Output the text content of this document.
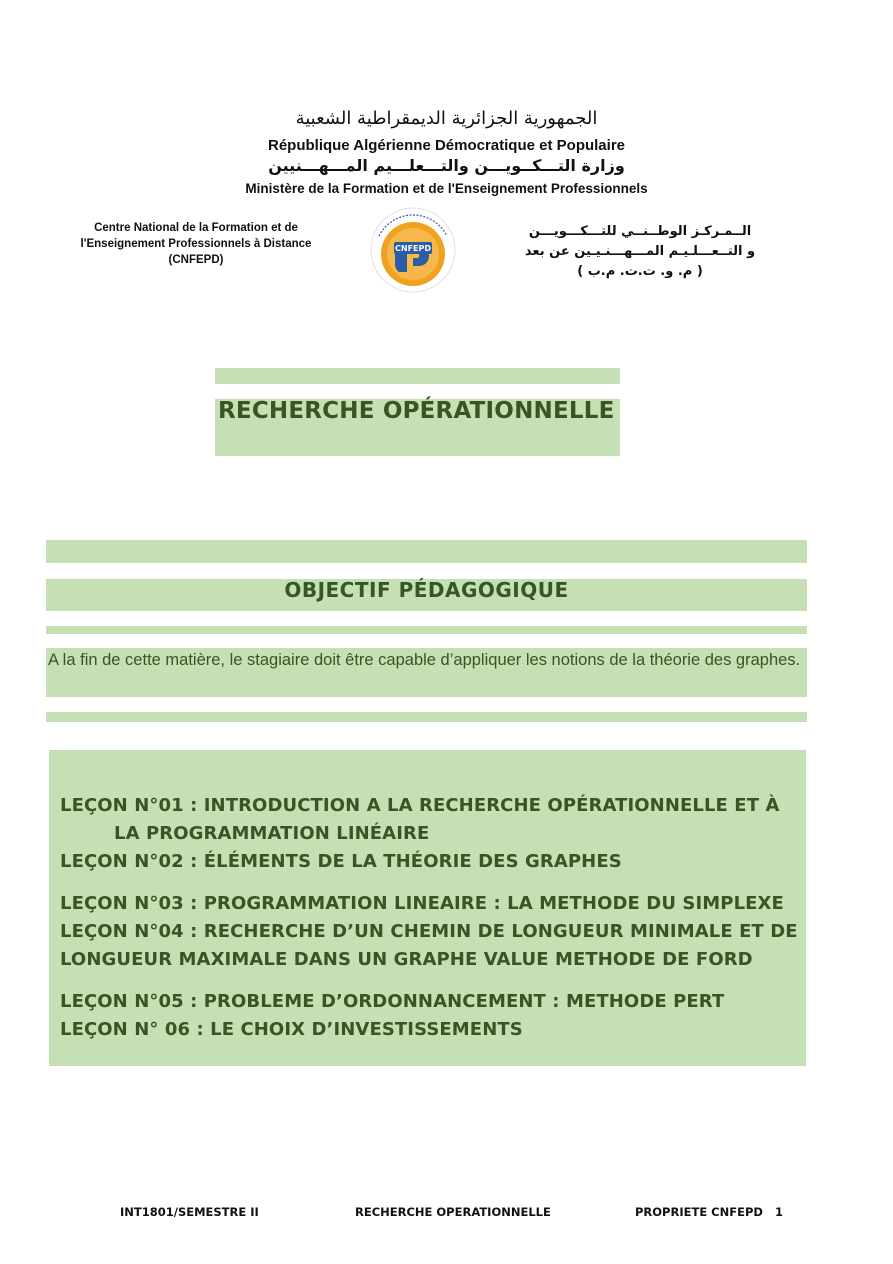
الجمهورية الجزائرية الديمقراطية الشعبية
République Algérienne Démocratique et Populaire
وزارة التـــكــويـــن والتـــعلـــيم المـــهـــنيين
Ministère de la Formation et de l'Enseignement Professionnels
Centre National de la Formation et de
l'Enseignement Professionnels à Distance
(CNFEPD)
CNFEPD
الــمـركـز الوطــنــي للتـــكـــويـــن
و التــعـــلـيـم المـــهـــنـيـين عن بعد
( م. و. ت.ت. م.ب )
RECHERCHE OPÉRATIONNELLE
OBJECTIF PÉDAGOGIQUE
A la fin de cette matière, le stagiaire doit être capable d’appliquer les notions de la théorie des graphes.
LEÇON N°01 : INTRODUCTION A LA RECHERCHE OPÉRATIONNELLE ET À
LA PROGRAMMATION LINÉAIRE
LEÇON N°02 : ÉLÉMENTS DE LA THÉORIE DES GRAPHES
LEÇON N°03 : PROGRAMMATION LINEAIRE : LA METHODE DU SIMPLEXE
LEÇON N°04 : RECHERCHE D’UN CHEMIN DE LONGUEUR MINIMALE ET DE
LONGUEUR MAXIMALE DANS UN GRAPHE VALUE METHODE DE FORD
LEÇON N°05 : PROBLEME D’ORDONNANCEMENT : METHODE PERT
LEÇON N° 06 : LE CHOIX D’INVESTISSEMENTS
INT1801/SEMESTRE II	RECHERCHE OPERATIONNELLE	PROPRIETE CNFEPD 1
